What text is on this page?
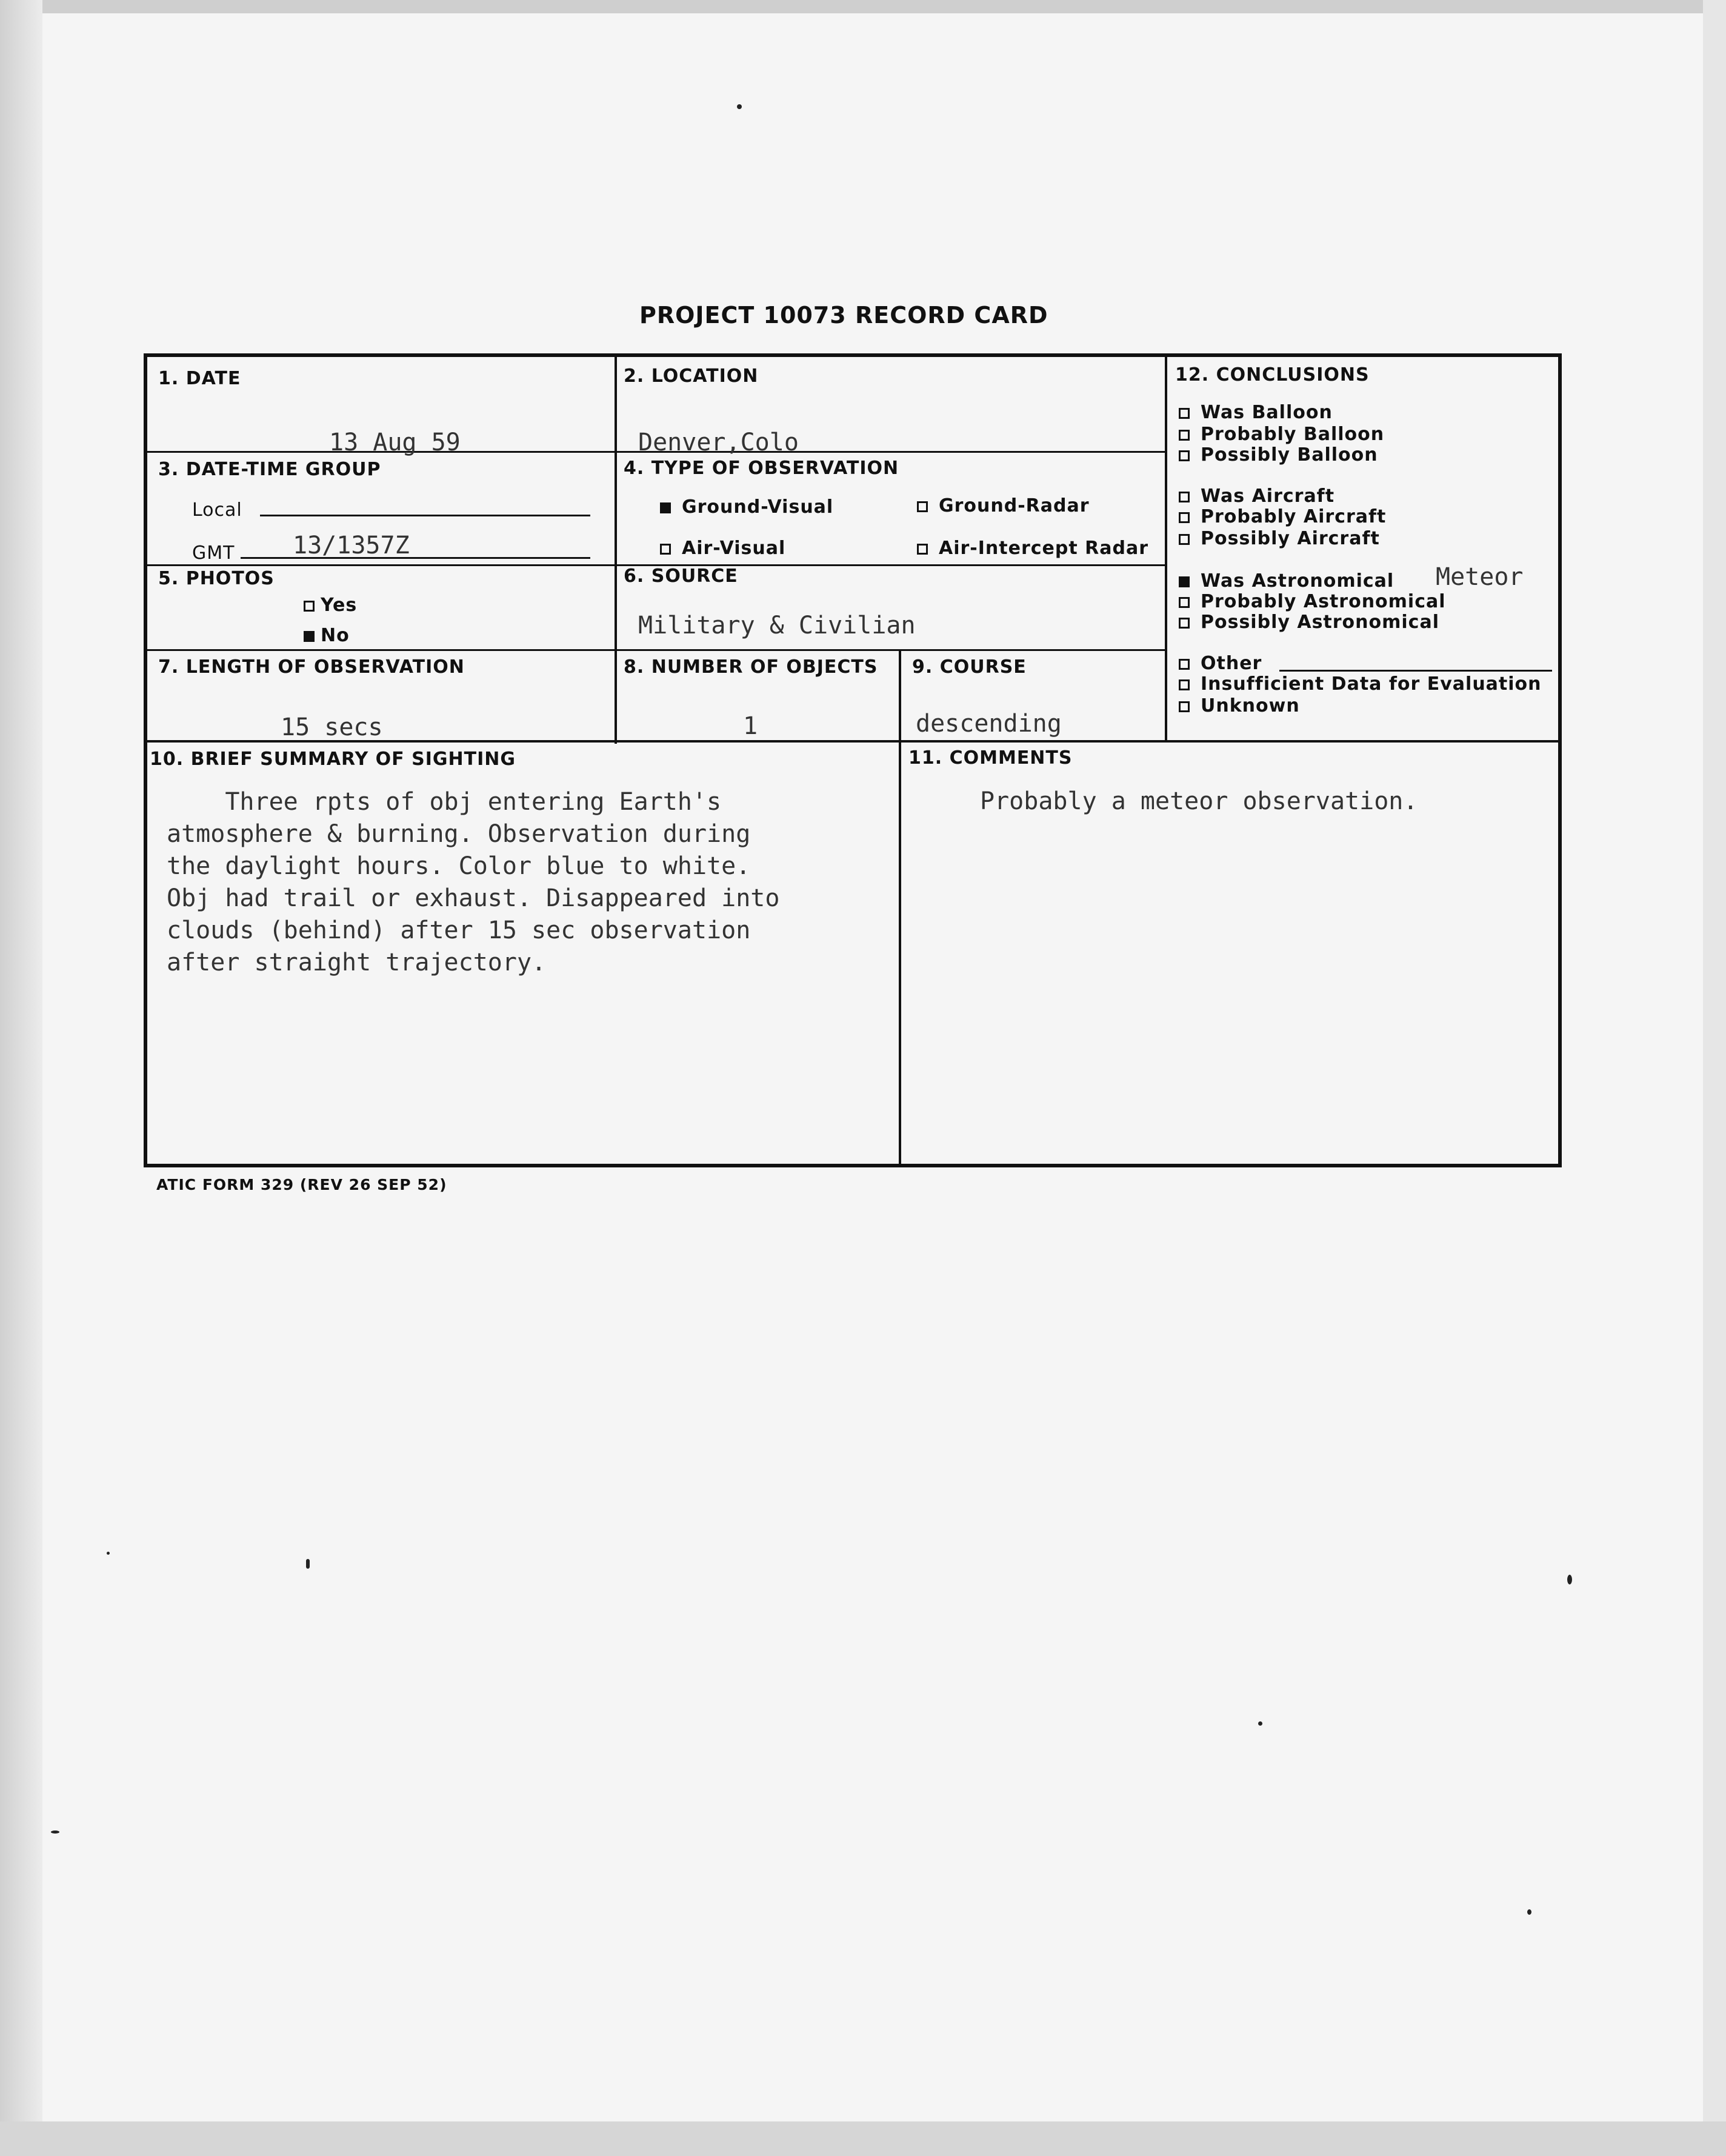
PROJECT 10073 RECORD CARD
1. DATE
13 Aug 59
2. LOCATION
Denver,Colo
3. DATE-TIME GROUP
Local
GMT 13/1357Z
4. TYPE OF OBSERVATION
Ground-Visual	Ground-Radar
Air-Visual	Air-Intercept Radar
5. PHOTOS
Yes
No
6. SOURCE
Military & Civilian
7. LENGTH OF OBSERVATION
15 secs
8. NUMBER OF OBJECTS
1
9. COURSE
descending
12. CONCLUSIONS
Was Balloon
Probably Balloon
Possibly Balloon
Was Aircraft
Probably Aircraft
Possibly Aircraft
Was Astronomical Meteor
Probably Astronomical
Possibly Astronomical
Other
Insufficient Data for Evaluation
Unknown
10. BRIEF SUMMARY OF SIGHTING
Three rpts of obj entering Earth's
atmosphere & burning. Observation during
the daylight hours. Color blue to white.
Obj had trail or exhaust. Disappeared into
clouds (behind) after 15 sec observation
after straight trajectory.
11. COMMENTS
Probably a meteor observation.
ATIC FORM 329 (REV 26 SEP 52)
